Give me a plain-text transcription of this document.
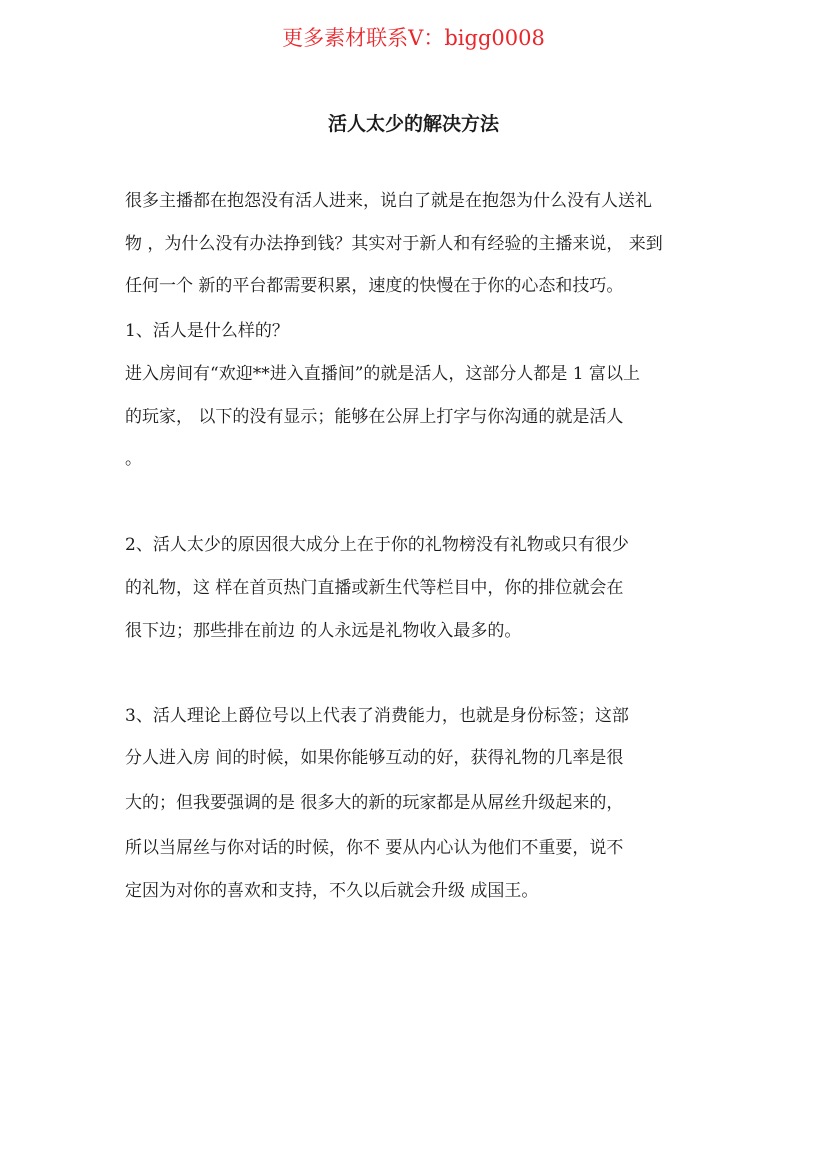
更多素材联系V：bigg0008
活人太少的解决方法
很多主播都在抱怨没有活人进来，说白了就是在抱怨为什么没有人送礼
物 ，为什么没有办法挣到钱？其实对于新人和有经验的主播来说， 来到
任何一个 新的平台都需要积累，速度的快慢在于你的心态和技巧。
1、活人是什么样的？
进入房间有“欢迎**进入直播间”的就是活人，这部分人都是 1 富以上
的玩家， 以下的没有显示；能够在公屏上打字与你沟通的就是活人
。
2、活人太少的原因很大成分上在于你的礼物榜没有礼物或只有很少
的礼物，这 样在首页热门直播或新生代等栏目中，你的排位就会在
很下边；那些排在前边 的人永远是礼物收入最多的。
3、活人理论上爵位号以上代表了消费能力，也就是身份标签；这部
分人进入房 间的时候，如果你能够互动的好，获得礼物的几率是很
大的；但我要强调的是 很多大的新的玩家都是从屌丝升级起来的，
所以当屌丝与你对话的时候，你不 要从内心认为他们不重要，说不
定因为对你的喜欢和支持，不久以后就会升级 成国王。
